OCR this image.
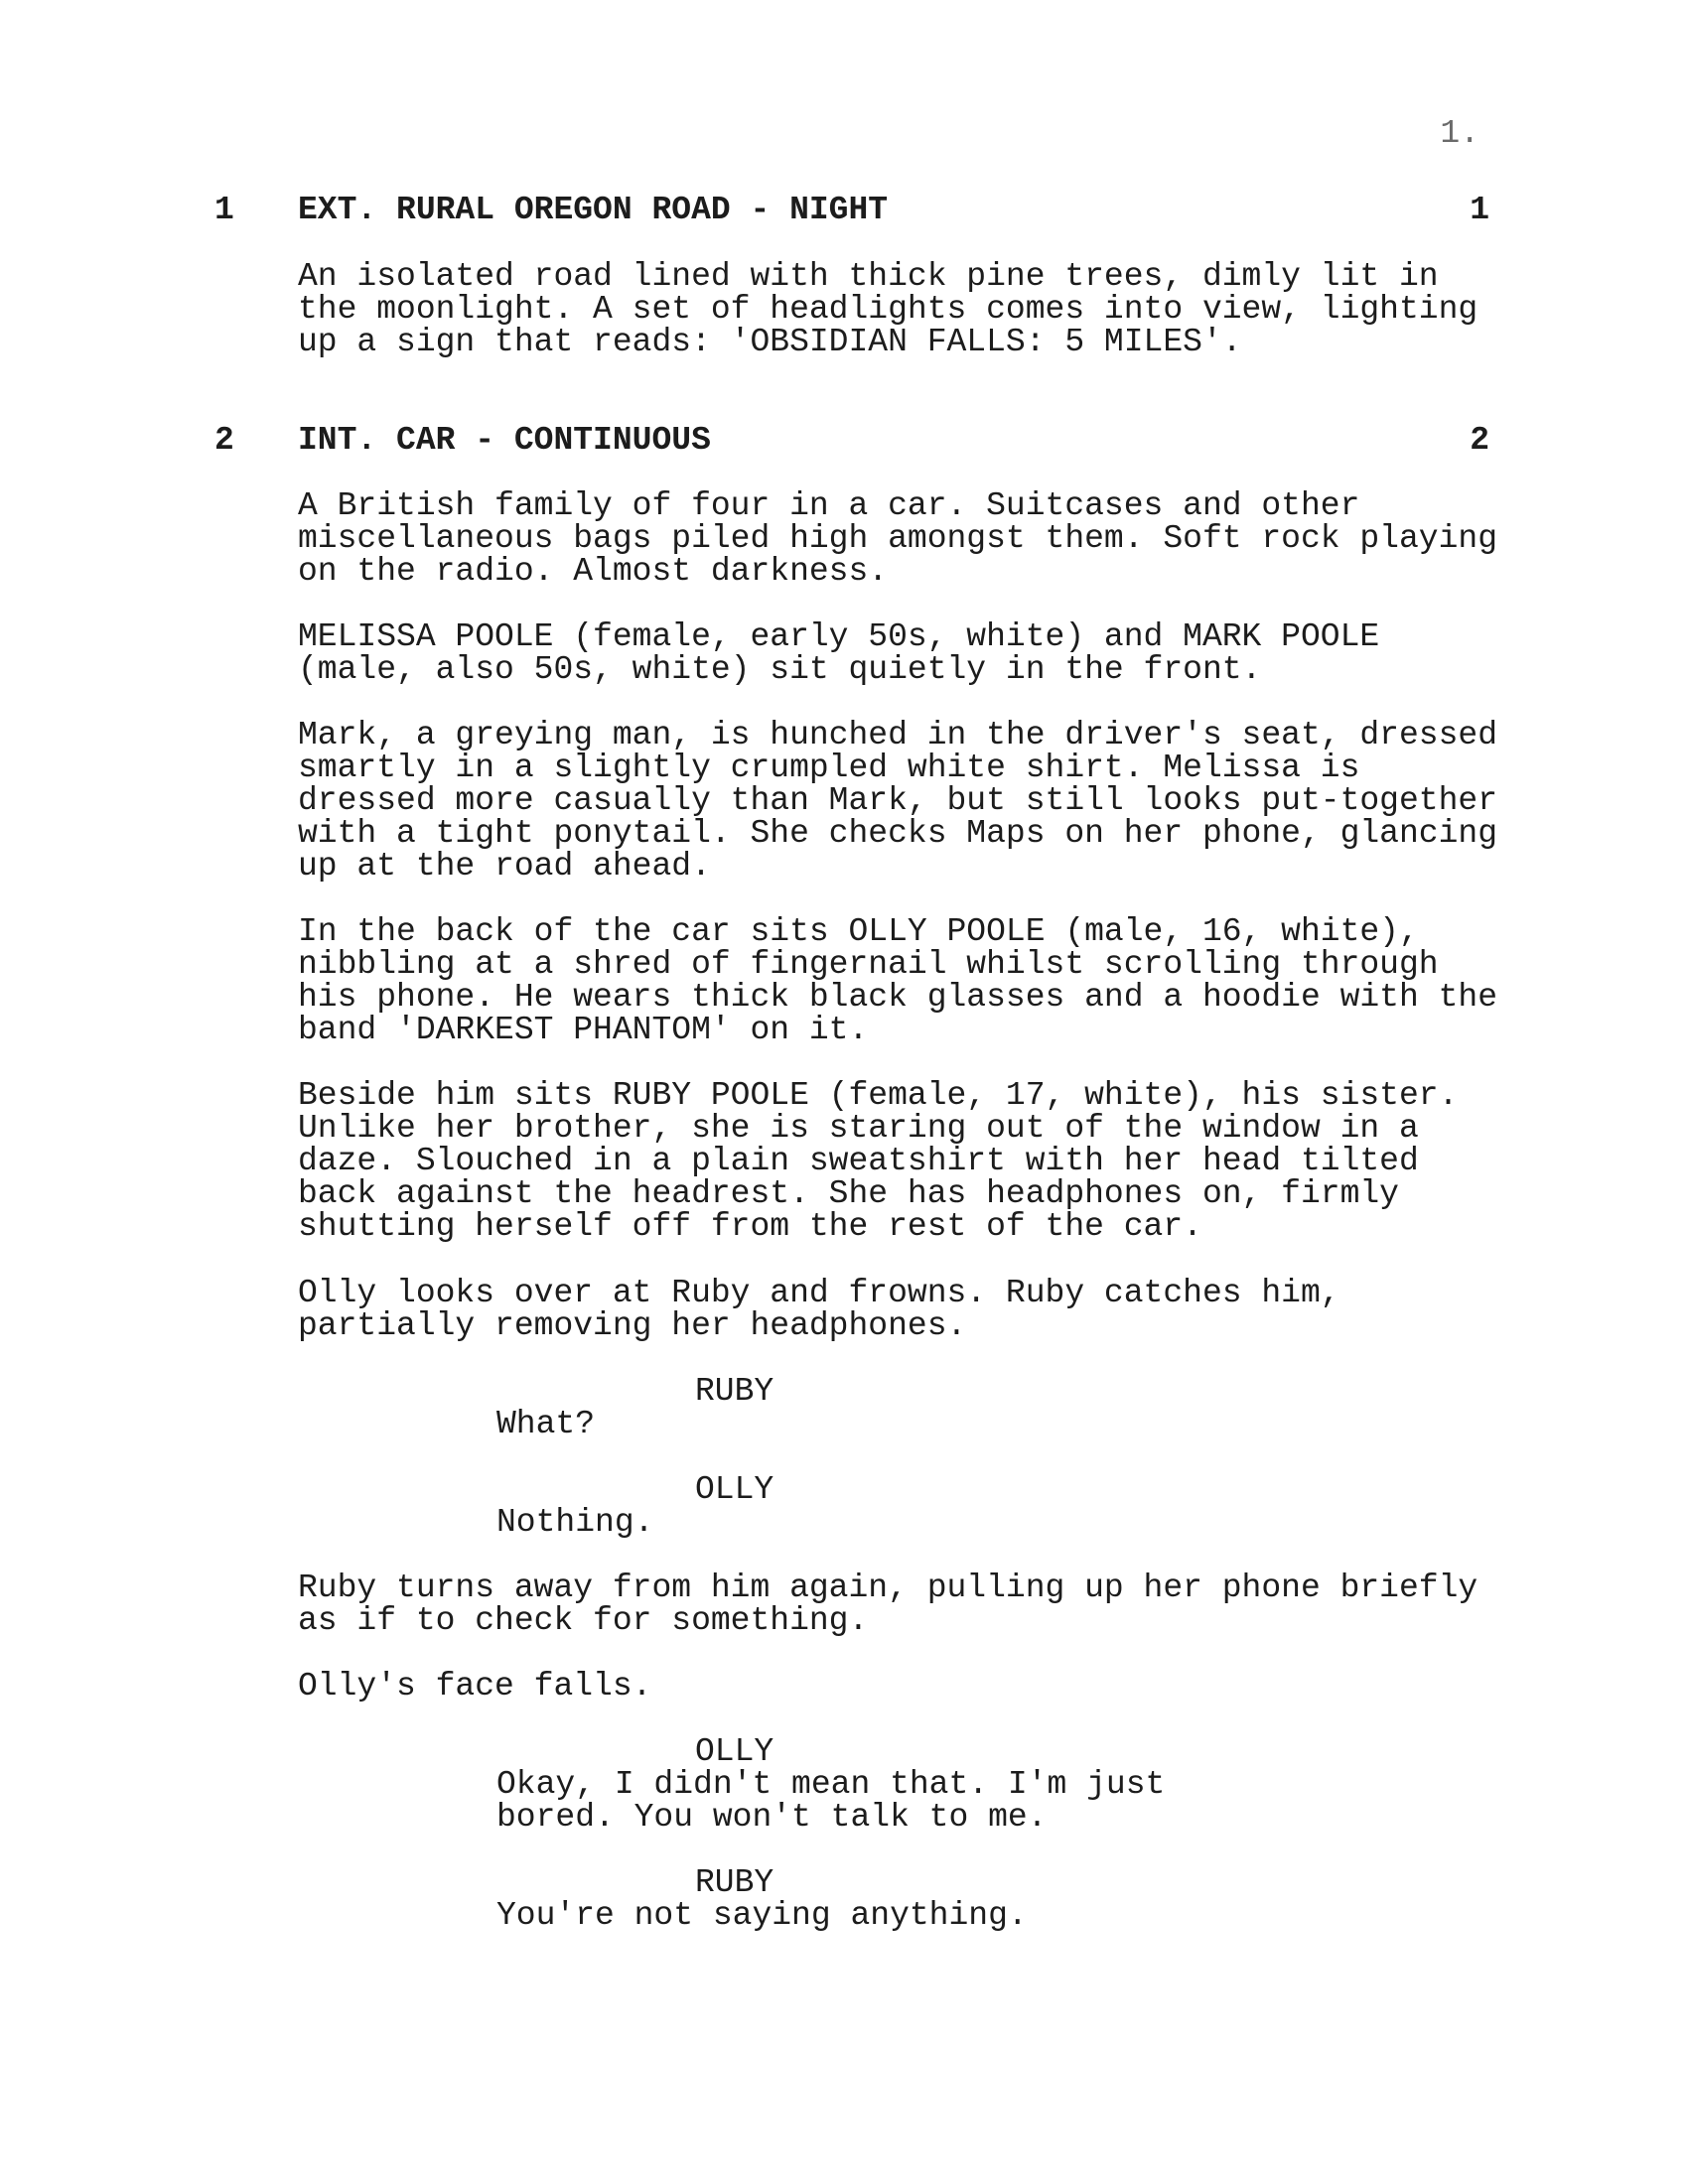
1.
1 EXT. RURAL OREGON ROAD - NIGHT	1
An isolated road lined with thick pine trees, dimly lit in
the moonlight. A set of headlights comes into view, lighting
up a sign that reads: 'OBSIDIAN FALLS: 5 MILES'.
2 INT. CAR - CONTINUOUS	2
A British family of four in a car. Suitcases and other
miscellaneous bags piled high amongst them. Soft rock playing
on the radio. Almost darkness.
MELISSA POOLE (female, early 50s, white) and MARK POOLE
(male, also 50s, white) sit quietly in the front.
Mark, a greying man, is hunched in the driver's seat, dressed
smartly in a slightly crumpled white shirt. Melissa is
dressed more casually than Mark, but still looks put-together
with a tight ponytail. She checks Maps on her phone, glancing
up at the road ahead.
In the back of the car sits OLLY POOLE (male, 16, white),
nibbling at a shred of fingernail whilst scrolling through
his phone. He wears thick black glasses and a hoodie with the
band 'DARKEST PHANTOM' on it.
Beside him sits RUBY POOLE (female, 17, white), his sister.
Unlike her brother, she is staring out of the window in a
daze. Slouched in a plain sweatshirt with her head tilted
back against the headrest. She has headphones on, firmly
shutting herself off from the rest of the car.
Olly looks over at Ruby and frowns. Ruby catches him,
partially removing her headphones.
RUBY
What?
OLLY
Nothing.
Ruby turns away from him again, pulling up her phone briefly
as if to check for something.
Olly's face falls.
OLLY
Okay, I didn't mean that. I'm just
bored. You won't talk to me.
RUBY
You're not saying anything.
